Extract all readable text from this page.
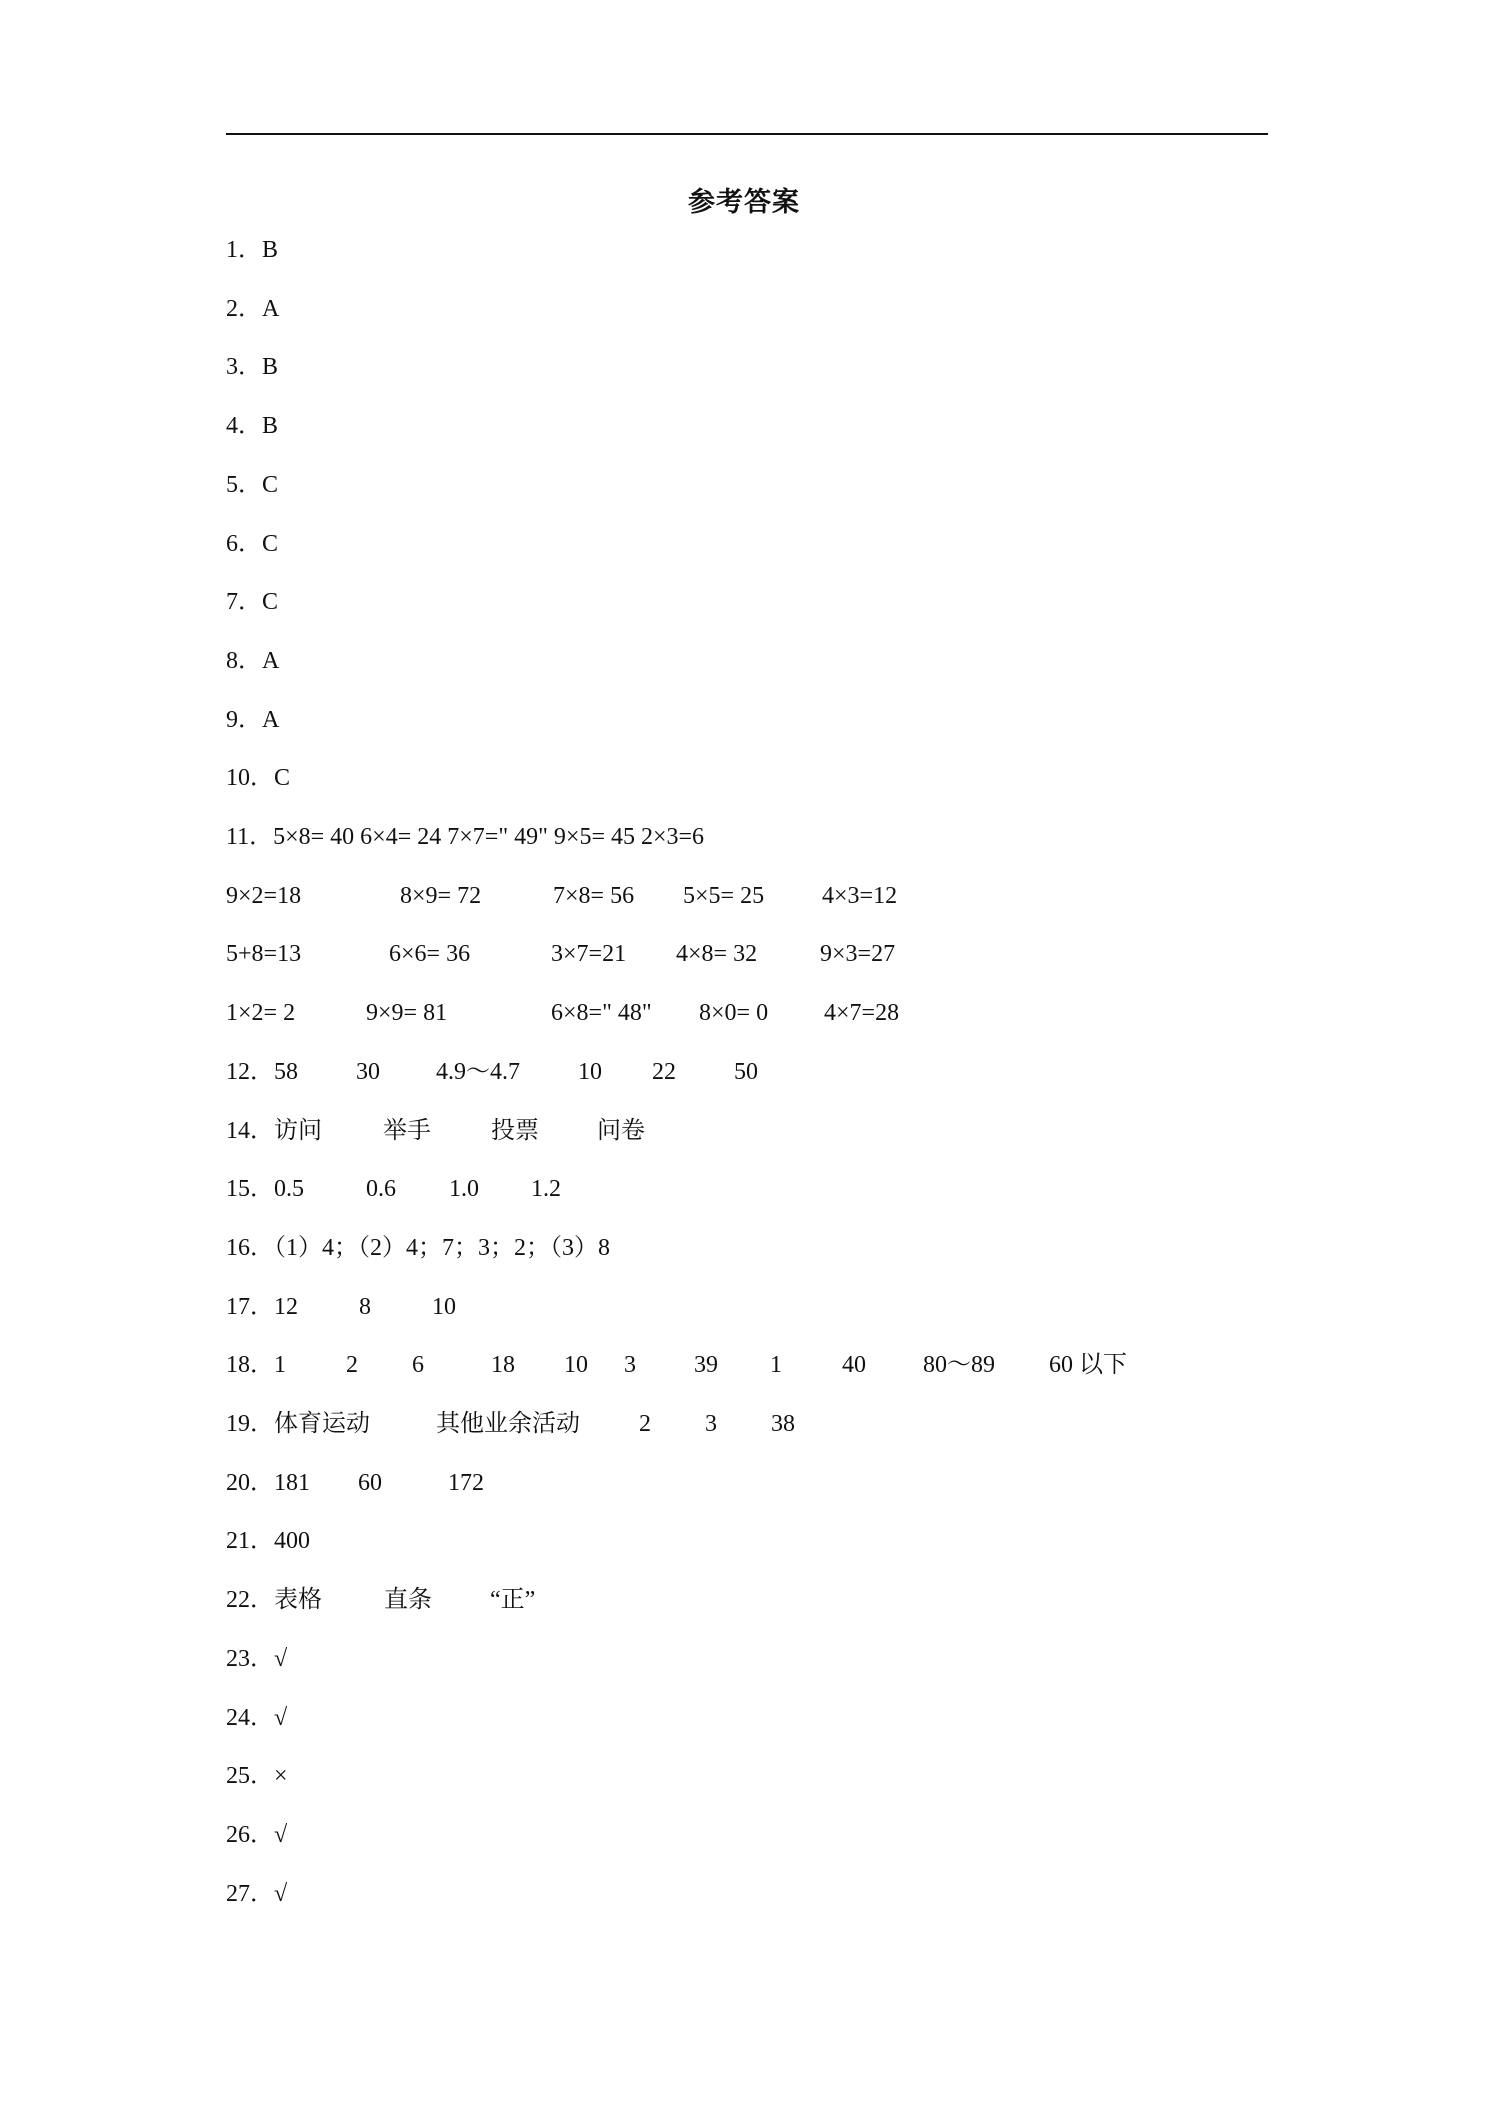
参考答案
1．B
2．A
3．B
4．B
5．C
6．C
7．C
8．A
9．A
10．C
11．5×8= 40 6×4= 24 7×7=" 49" 9×5= 45 2×3=6
9×2=18	8×9= 72	7×8= 56 5×5= 25 4×3=12
5+8=13	6×6= 36	3×7=21 4×8= 32	9×3=27
1×2= 2	9×9= 81	6×8=" 48" 8×0= 0 4×7=28
12．58 30 4.9～4.7 10 22 50
14．访问	举手	投票 问卷
15．0.5	0.6 1.0 1.2
16．（1）4；（2）4；7；3；2；（3）8
17．12	8	10
18．1	2 6	18 10 3 39 1	40 80～89 60 以下
19．体育运动	其他业余活动 2 3 38
20．181 60	172
21．400
22．表格	直条 “正”
23．√
24．√
25．×
26．√
27．√
